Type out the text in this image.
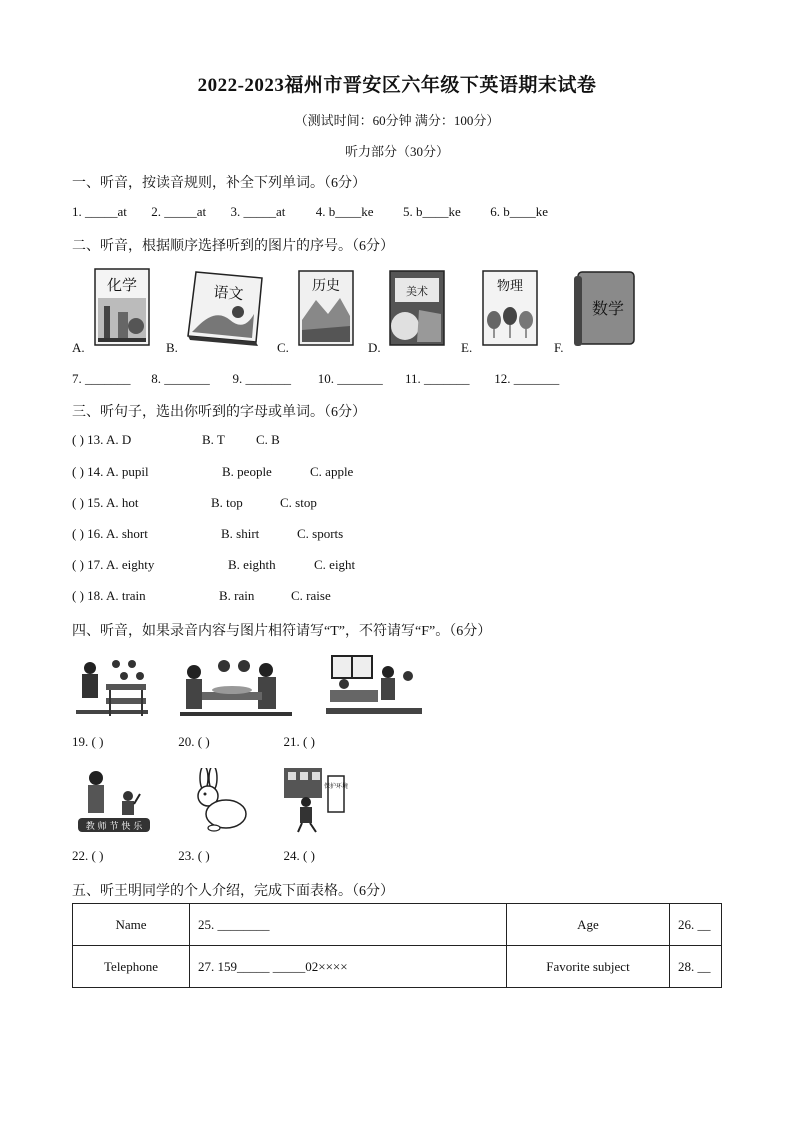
2022-2023福州市晋安区六年级下英语期末试卷
（测试时间：60分钟 满分：100分）
听力部分（30分）
一、听音，按读音规则，补全下列单词。（6分）
1. _____at 2. _____at 3. _____at 4. b____ke 5. b____ke 6. b____ke
二、听音，根据顺序选择听到的图片的序号。（6分）
化学
A.
语文
B.
历史
C.
美术
D.
物理
E.
数学
F.
7. _______ 8. _______ 9. _______ 10. _______ 11. _______ 12. _______
三、听句子，选出你听到的字母或单词。（6分）
( ) 13. A. D	B. T C. B
( ) 14. A. pupil	B. people	C. apple
( ) 15. A. hot	B. top	C. stop
( ) 16. A. short	B. shirt	C. sports
( ) 17. A. eighty	B. eighth	C. eight
( ) 18. A. train	B. rain	C. raise
四、听音，如果录音内容与图片相符请写“T”，不符请写“F”。（6分）
19. ( )	20. ( )	21. ( )
教 师 节 快 乐
保护环境
22. ( )	23. ( )	24. ( )
五、听王明同学的个人介绍，完成下面表格。（6分）
Name	25. ________	Age	26. __
Telephone	27. 159_____ _____02××××	Favorite subject	28. __
